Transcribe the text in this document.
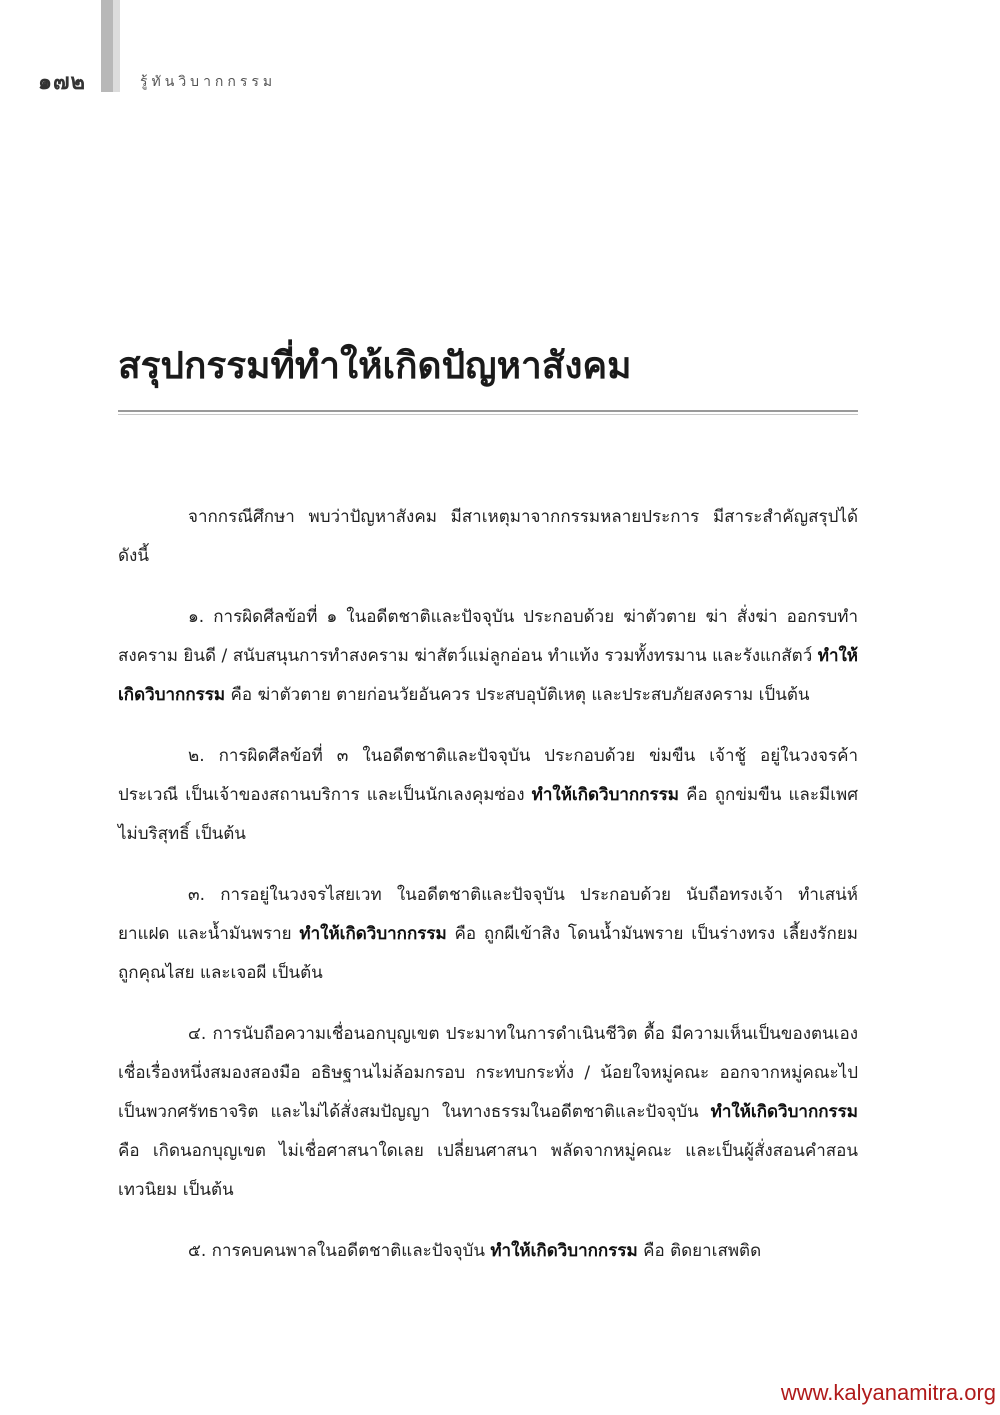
๑๗๒	รู้ทันวิบากกรรม
สรุปกรรมที่ทำให้เกิดปัญหาสังคม

จากกรณีศึกษา พบว่าปัญหาสังคม มีสาเหตุมาจากกรรมหลายประการ มีสาระสำคัญสรุปได้ดังนี้

๑. การผิดศีลข้อที่ ๑ ในอดีตชาติและปัจจุบัน ประกอบด้วย ฆ่าตัวตาย ฆ่า สั่งฆ่า ออกรบทำสงคราม ยินดี / สนับสนุนการทำสงคราม ฆ่าสัตว์แม่ลูกอ่อน ทำแท้ง รวมทั้งทรมาน และรังแกสัตว์ ทำให้เกิดวิบากกรรม คือ ฆ่าตัวตาย ตายก่อนวัยอันควร ประสบอุบัติเหตุ และประสบภัยสงคราม เป็นต้น

๒. การผิดศีลข้อที่ ๓ ในอดีตชาติและปัจจุบัน ประกอบด้วย ข่มขืน เจ้าชู้ อยู่ในวงจรค้าประเวณี เป็นเจ้าของสถานบริการ และเป็นนักเลงคุมซ่อง ทำให้เกิดวิบากกรรม คือ ถูกข่มขืน และมีเพศไม่บริสุทธิ์ เป็นต้น

๓. การอยู่ในวงจรไสยเวท ในอดีตชาติและปัจจุบัน ประกอบด้วย นับถือทรงเจ้า ทำเสน่ห์ยาแฝด และน้ำมันพราย ทำให้เกิดวิบากกรรม คือ ถูกผีเข้าสิง โดนน้ำมันพราย เป็นร่างทรง เลี้ยงรักยม ถูกคุณไสย และเจอผี เป็นต้น

๔. การนับถือความเชื่อนอกบุญเขต ประมาทในการดำเนินชีวิต ดื้อ มีความเห็นเป็นของตนเอง เชื่อเรื่องหนึ่งสมองสองมือ อธิษฐานไม่ล้อมกรอบ กระทบกระทั่ง / น้อยใจหมู่คณะ ออกจากหมู่คณะไป เป็นพวกศรัทธาจริต และไม่ได้สั่งสมปัญญา ในทางธรรมในอดีตชาติและปัจจุบัน ทำให้เกิดวิบากกรรม คือ เกิดนอกบุญเขต ไม่เชื่อศาสนาใดเลย เปลี่ยนศาสนา พลัดจากหมู่คณะ และเป็นผู้สั่งสอนคำสอนเทวนิยม เป็นต้น

๕. การคบคนพาลในอดีตชาติและปัจจุบัน ทำให้เกิดวิบากกรรม คือ ติดยาเสพติด

www.kalyanamitra.org
